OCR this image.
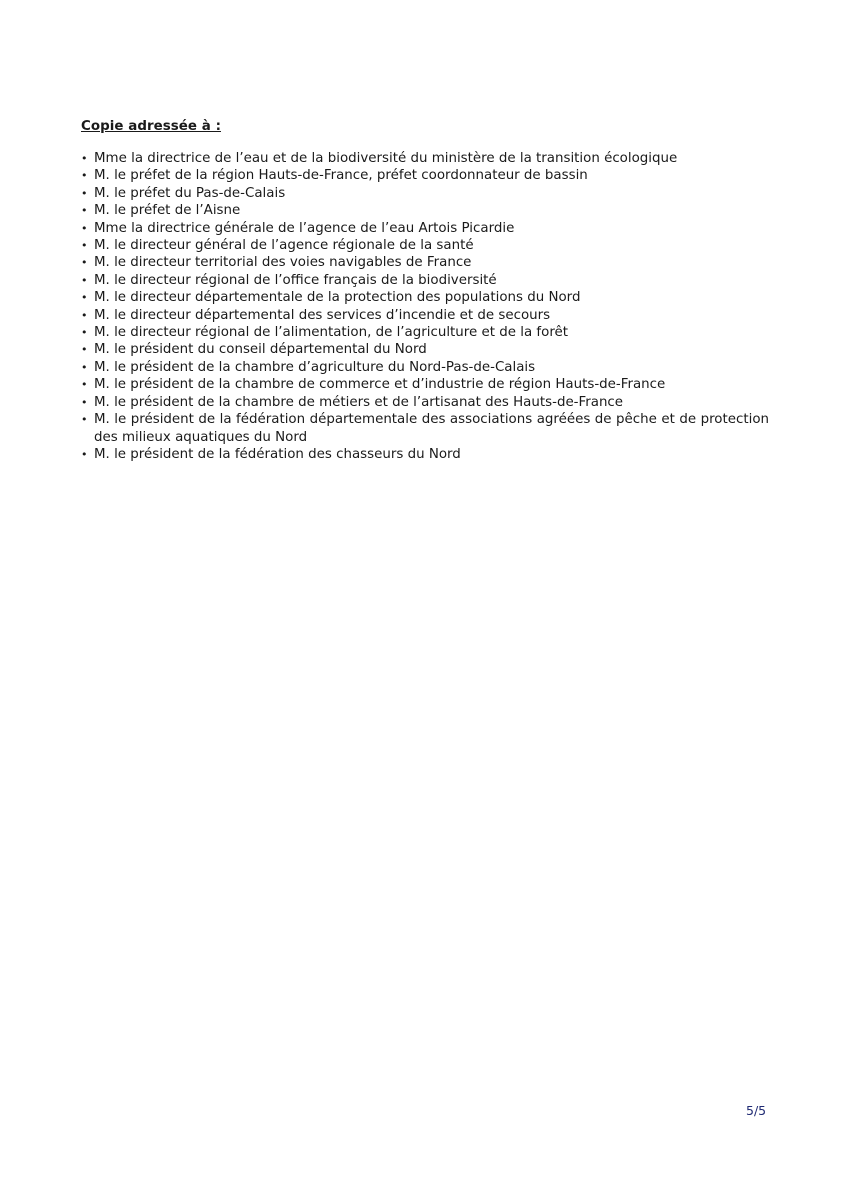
Copie adressée à :
• Mme la directrice de l’eau et de la biodiversité du ministère de la transition écologique
• M. le préfet de la région Hauts-de-France, préfet coordonnateur de bassin
• M. le préfet du Pas-de-Calais
• M. le préfet de l’Aisne
• Mme la directrice générale de l’agence de l’eau Artois Picardie
• M. le directeur général de l’agence régionale de la santé
• M. le directeur territorial des voies navigables de France
• M. le directeur régional de l’office français de la biodiversité
• M. le directeur départementale de la protection des populations du Nord
• M. le directeur départemental des services d’incendie et de secours
• M. le directeur régional de l’alimentation, de l’agriculture et de la forêt
• M. le président du conseil départemental du Nord
• M. le président de la chambre d’agriculture du Nord-Pas-de-Calais
• M. le président de la chambre de commerce et d’industrie de région Hauts-de-France
• M. le président de la chambre de métiers et de l’artisanat des Hauts-de-France
• M. le président de la fédération départementale des associations agréées de pêche et de protection des milieux aquatiques du Nord
• M. le président de la fédération des chasseurs du Nord
5/5
